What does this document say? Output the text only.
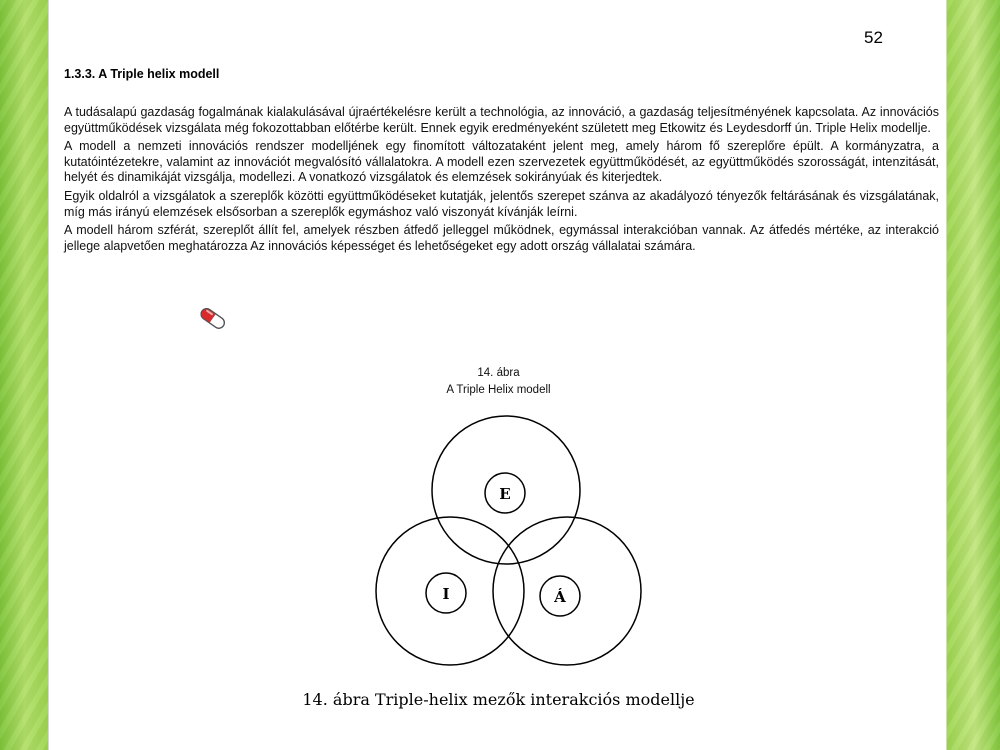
52
1.3.3. A Triple helix modell

A tudásalapú gazdaság fogalmának kialakulásával újraértékelésre került a technológia, az innováció, a gazdaság teljesítményének kapcsolata. Az innovációs együttműködések vizsgálata még fokozottabban előtérbe került. Ennek egyik eredményeként született meg Etkowitz és Leydesdorff ún. Triple Helix modellje.

A modell a nemzeti innovációs rendszer modelljének egy finomított változataként jelent meg, amely három fő szereplőre épült. A kormányzatra, a kutatóintézetekre, valamint az innovációt megvalósító vállalatokra. A modell ezen szervezetek együttműködését, az együttműködés szorosságát, intenzitását, helyét és dinamikáját vizsgálja, modellezi. A vonatkozó vizsgálatok és elemzések sokirányúak és kiterjedtek.

Egyik oldalról a vizsgálatok a szereplők közötti együttműködéseket kutatják, jelentős szerepet szánva az akadályozó tényezők feltárásának és vizsgálatának, míg más irányú elemzések elsősorban a szereplők egymáshoz való viszonyát kívánják leírni.

A modell három szférát, szereplőt állít fel, amelyek részben átfedő jelleggel működnek, egymással interakcióban vannak. Az átfedés mértéke, az interakció jellege alapvetően meghatározza Az innovációs képességet és lehetőségeket egy adott ország vállalatai számára.

14. ábra
A Triple Helix modell
E
I	Á
14. ábra Triple-helix mezők interakciós modellje
